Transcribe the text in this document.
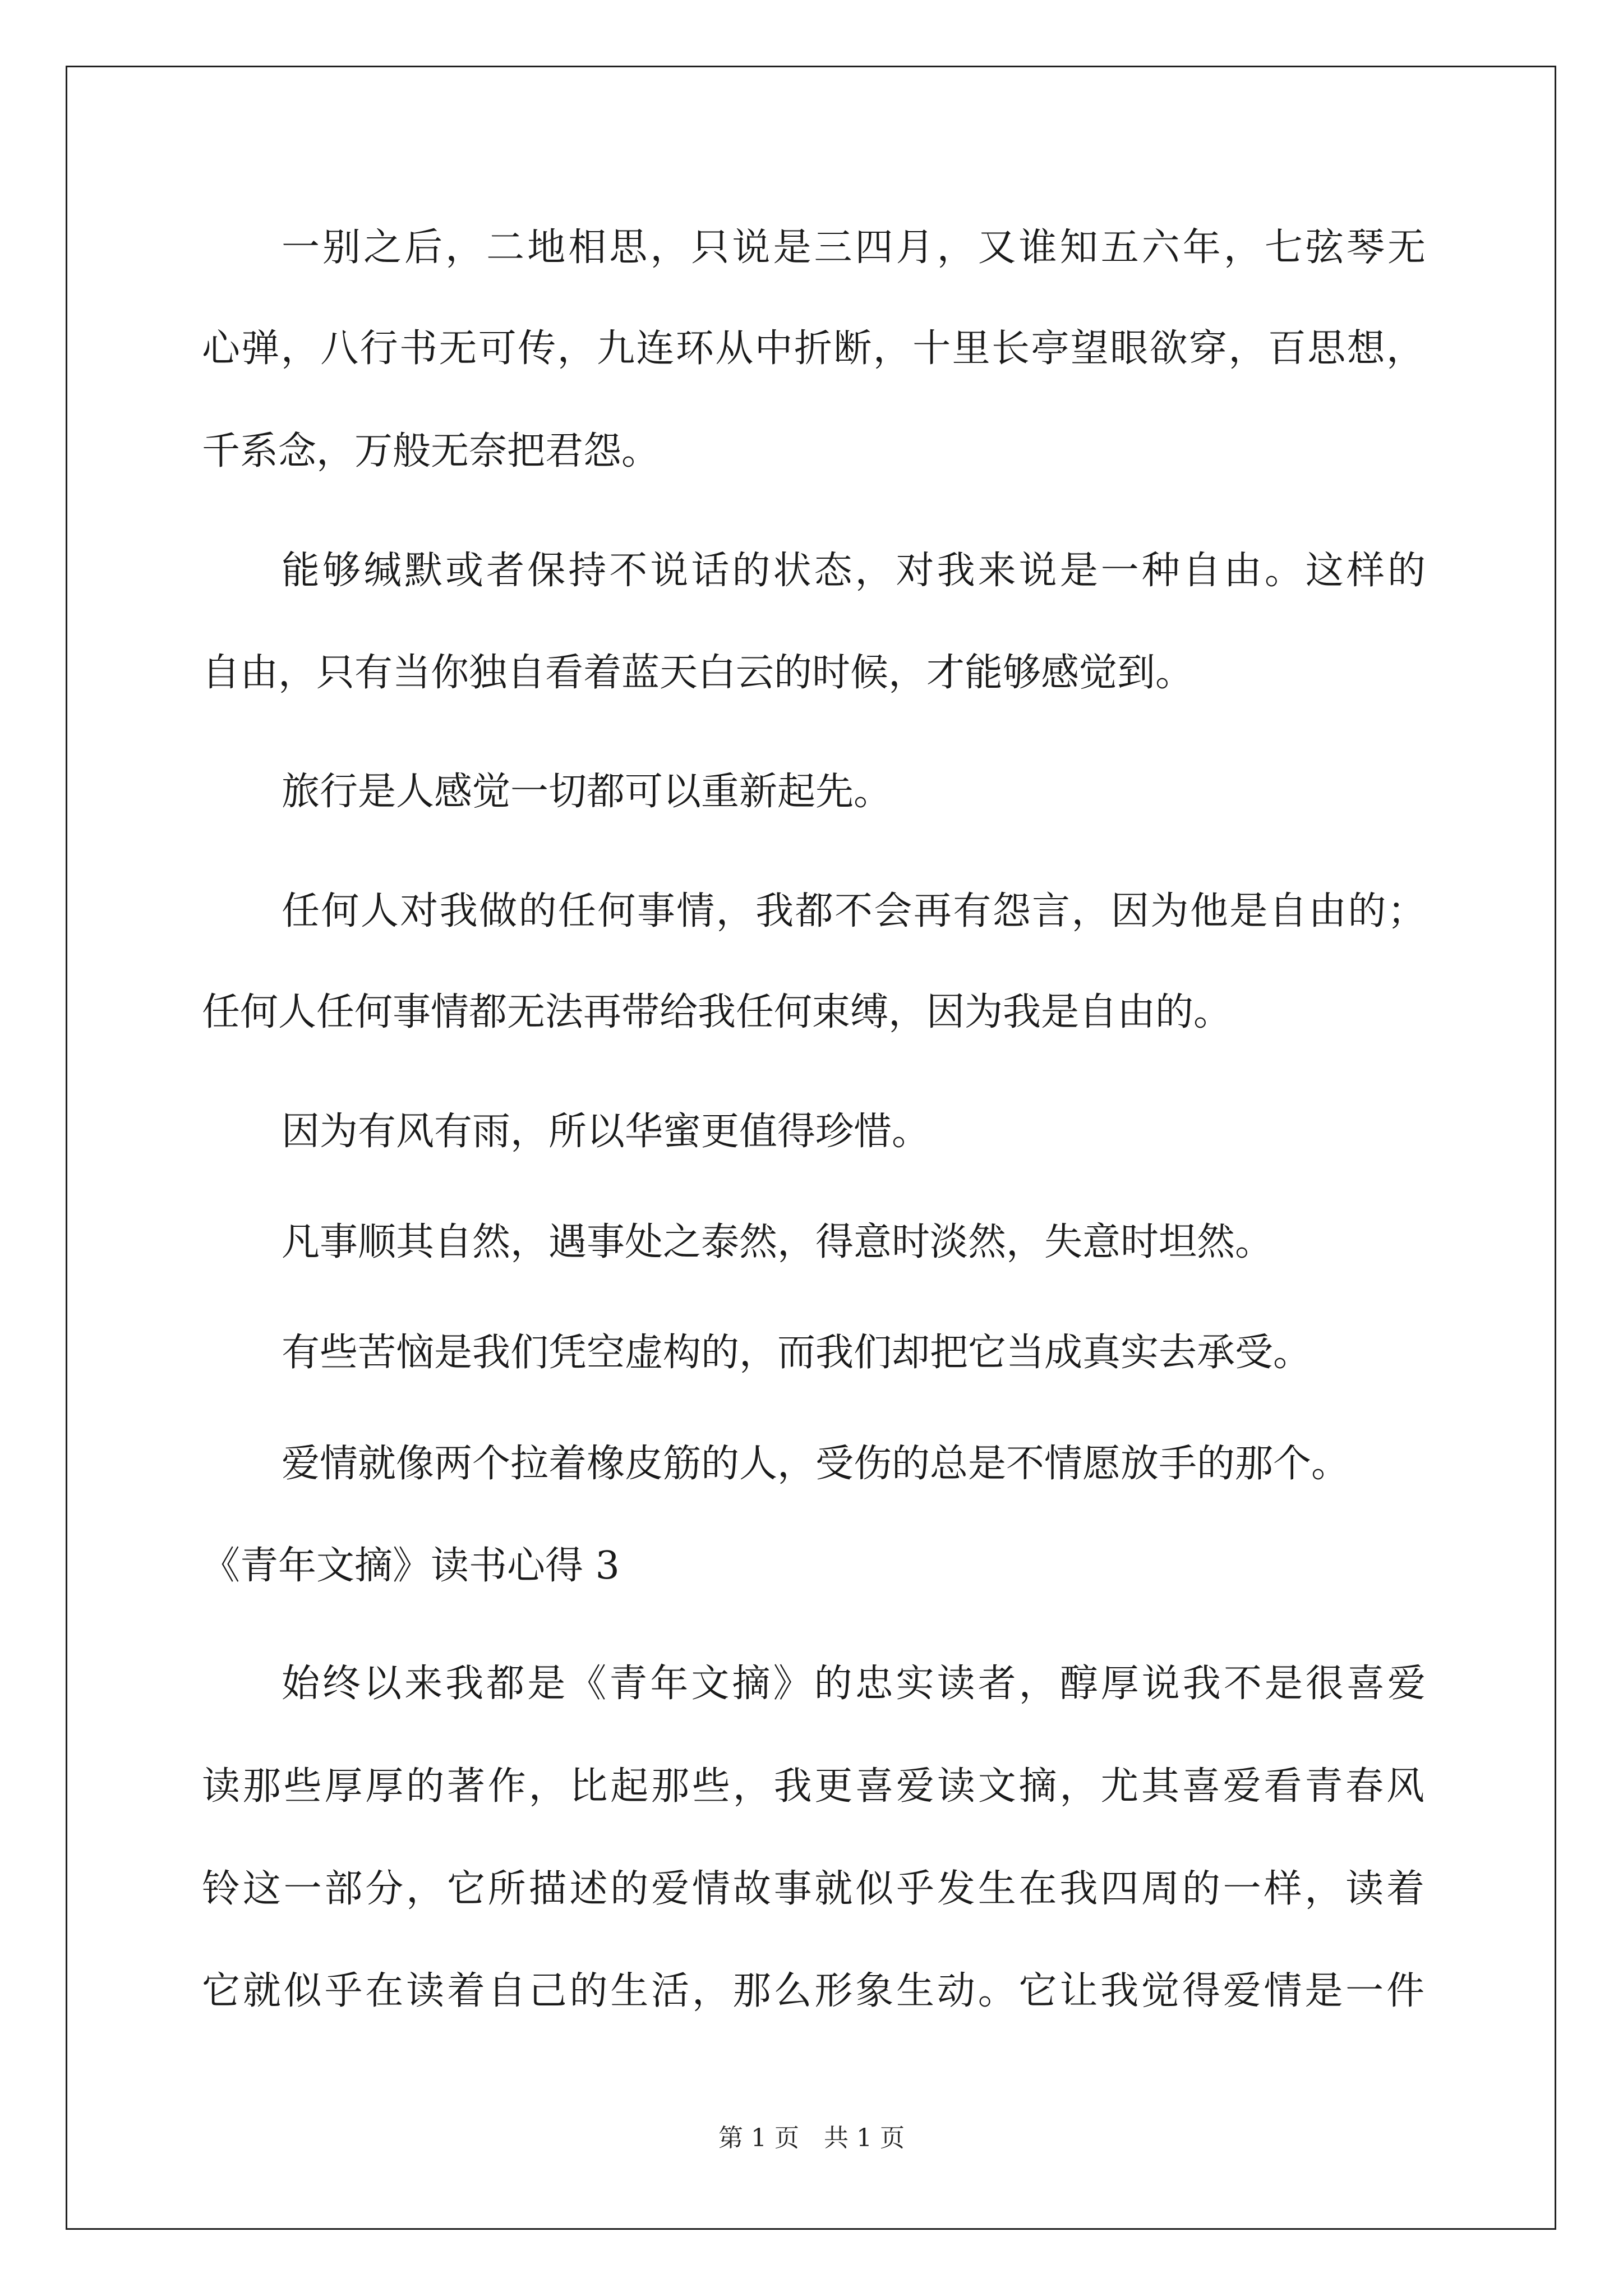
一别之后，二地相思，只说是三四月，又谁知五六年，七弦琴无
心弹，八行书无可传，九连环从中折断，十里长亭望眼欲穿，百思想，
千系念，万般无奈把君怨。
能够缄默或者保持不说话的状态，对我来说是一种自由。这样的
自由，只有当你独自看着蓝天白云的时候，才能够感觉到。
旅行是人感觉一切都可以重新起先。
任何人对我做的任何事情，我都不会再有怨言，因为他是自由的；
任何人任何事情都无法再带给我任何束缚，因为我是自由的。
因为有风有雨，所以华蜜更值得珍惜。
凡事顺其自然，遇事处之泰然，得意时淡然，失意时坦然。
有些苦恼是我们凭空虚构的，而我们却把它当成真实去承受。
爱情就像两个拉着橡皮筋的人，受伤的总是不情愿放手的那个。
《青年文摘》读书心得 3
始终以来我都是《青年文摘》的忠实读者，醇厚说我不是很喜爱
读那些厚厚的著作，比起那些，我更喜爱读文摘，尤其喜爱看青春风
铃这一部分，它所描述的爱情故事就似乎发生在我四周的一样，读着
它就似乎在读着自己的生活，那么形象生动。它让我觉得爱情是一件
第 1 页　共 1 页
